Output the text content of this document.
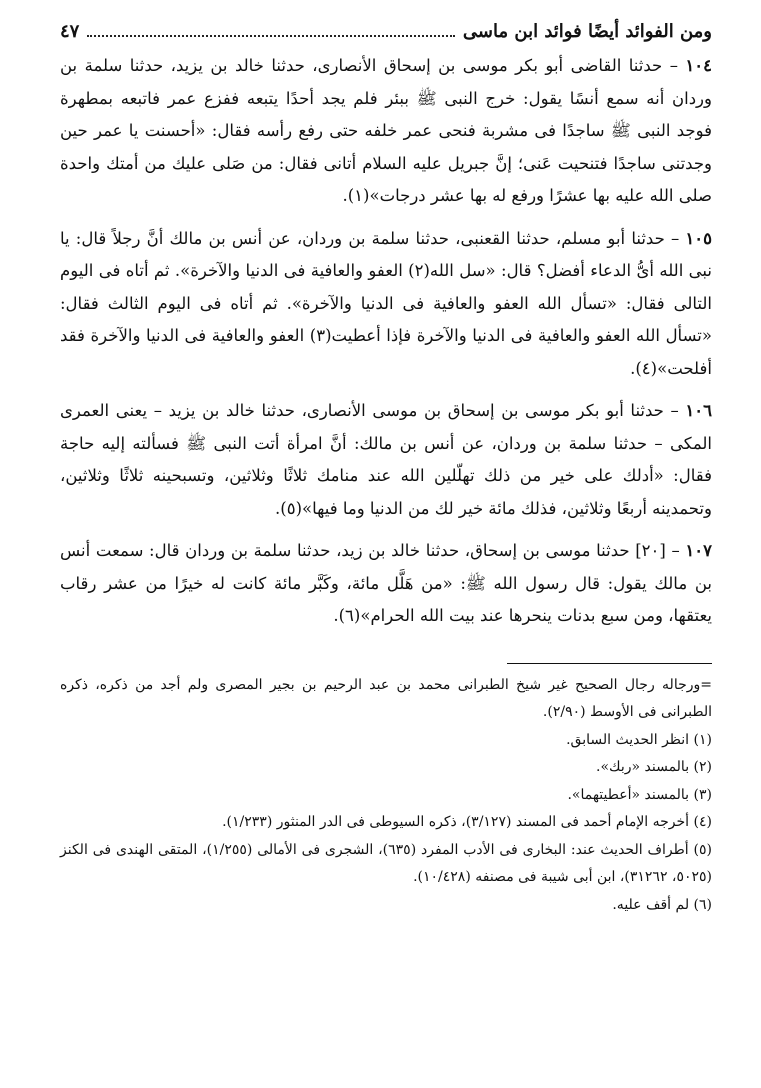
ومن الفوائد أيضًا فوائد ابن ماسى
٤٧

١٠٤ – حدثنا القاضى أبو بكر موسى بن إسحاق الأنصارى، حدثنا خالد بن يزيد، حدثنا سلمة بن وردان أنه سمع أنسًا يقول: خرج النبى ﷺ ببئر فلم يجد أحدًا يتبعه ففزع عمر فاتبعه بمطهرة فوجد النبى ﷺ ساجدًا فى مشربة فنحى عمر خلفه حتى رفع رأسه فقال: «أحسنت يا عمر حين وجدتنى ساجدًا فتنحيت عَنى؛ إنَّ جبريل عليه السلام أتانى فقال: من صَلى عليك من أمتك واحدة صلى الله عليه بها عشرًا ورفع له بها عشر درجات»(١).

١٠٥ – حدثنا أبو مسلم، حدثنا القعنبى، حدثنا سلمة بن وردان، عن أنس بن مالك أنَّ رجلاً قال: يا نبى الله أىُّ الدعاء أفضل؟ قال: «سل الله(٢) العفو والعافية فى الدنيا والآخرة». ثم أتاه فى اليوم التالى فقال: «تسأل الله العفو والعافية فى الدنيا والآخرة». ثم أتاه فى اليوم الثالث فقال: «تسأل الله العفو والعافية فى الدنيا والآخرة فإذا أعطيت(٣) العفو والعافية فى الدنيا والآخرة فقد أفلحت»(٤).

١٠٦ – حدثنا أبو بكر موسى بن إسحاق بن موسى الأنصارى، حدثنا خالد بن يزيد – يعنى العمرى المكى – حدثنا سلمة بن وردان، عن أنس بن مالك: أنَّ امرأة أتت النبى ﷺ فسألته إليه حاجة فقال: «أدلك على خير من ذلك تهلّلين الله عند منامك ثلاثًا وثلاثين، وتسبحينه ثلاثًا وثلاثين، وتحمدينه أربعًا وثلاثين، فذلك مائة خير لك من الدنيا وما فيها»(٥).

١٠٧ – [٢٠] حدثنا موسى بن إسحاق، حدثنا خالد بن زيد، حدثنا سلمة بن وردان قال: سمعت أنس بن مالك يقول: قال رسول الله ﷺ: «من هَلَّل مائة، وكَبَّر مائة كانت له خيرًا من عشر رقاب يعتقها، ومن سبع بدنات ينحرها عند بيت الله الحرام»(٦).

=ورجاله رجال الصحيح غير شيخ الطبرانى محمد بن عبد الرحيم بن بجير المصرى ولم أجد من ذكره، ذكره الطبرانى فى الأوسط (٢/٩٠).

(١) انظر الحديث السابق.

(٢) بالمسند «ربك».

(٣) بالمسند «أعطيتهما».

(٤) أخرجه الإمام أحمد فى المسند (٣/١٢٧)، ذكره السيوطى فى الدر المنثور (١/٢٣٣).

(٥) أطراف الحديث عند: البخارى فى الأدب المفرد (٦٣٥)، الشجرى فى الأمالى (١/٢٥٥)، المتقى الهندى فى الكنز (٥٠٢٥، ٣١٢٦٢)، ابن أبى شيبة فى مصنفه (١٠/٤٢٨).

(٦) لم أقف عليه.
